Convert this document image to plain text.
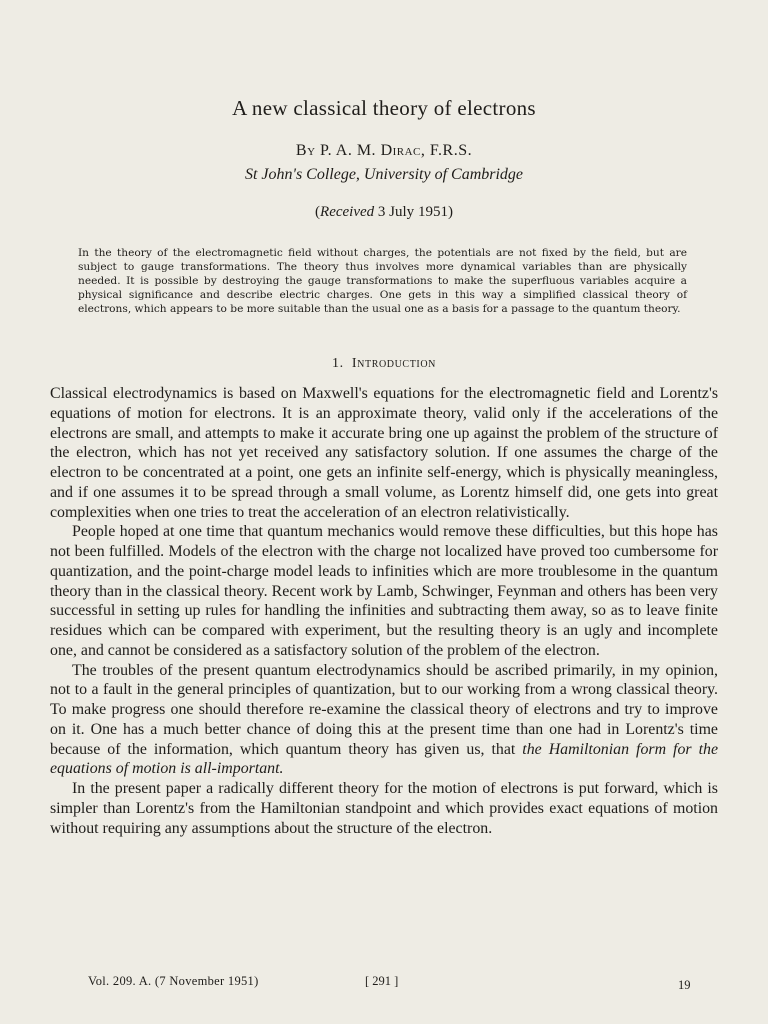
A new classical theory of electrons
By P. A. M. Dirac, F.R.S.
St John's College, University of Cambridge
(Received 3 July 1951)
In the theory of the electromagnetic field without charges, the potentials are not fixed by the field, but are subject to gauge transformations. The theory thus involves more dynamical variables than are physically needed. It is possible by destroying the gauge transformations to make the superfluous variables acquire a physical significance and describe electric charges. One gets in this way a simplified classical theory of electrons, which appears to be more suitable than the usual one as a basis for a passage to the quantum theory.
1. Introduction

Classical electrodynamics is based on Maxwell's equations for the electromagnetic field and Lorentz's equations of motion for electrons. It is an approximate theory, valid only if the accelerations of the electrons are small, and attempts to make it accurate bring one up against the problem of the structure of the electron, which has not yet received any satisfactory solution. If one assumes the charge of the electron to be concentrated at a point, one gets an infinite self-energy, which is physically meaningless, and if one assumes it to be spread through a small volume, as Lorentz himself did, one gets into great complexities when one tries to treat the acceleration of an electron relativistically.

People hoped at one time that quantum mechanics would remove these difficulties, but this hope has not been fulfilled. Models of the electron with the charge not localized have proved too cumbersome for quantization, and the point-charge model leads to infinities which are more troublesome in the quantum theory than in the classical theory. Recent work by Lamb, Schwinger, Feynman and others has been very successful in setting up rules for handling the infinities and subtracting them away, so as to leave finite residues which can be compared with experiment, but the resulting theory is an ugly and incomplete one, and cannot be considered as a satisfactory solution of the problem of the electron.

The troubles of the present quantum electrodynamics should be ascribed primarily, in my opinion, not to a fault in the general principles of quantization, but to our working from a wrong classical theory. To make progress one should therefore re-examine the classical theory of electrons and try to improve on it. One has a much better chance of doing this at the present time than one had in Lorentz's time because of the information, which quantum theory has given us, that the Hamiltonian form for the equations of motion is all-important.

In the present paper a radically different theory for the motion of electrons is put forward, which is simpler than Lorentz's from the Hamiltonian standpoint and which provides exact equations of motion without requiring any assumptions about the structure of the electron.

Vol. 209. A. (7 November 1951)	[ 291 ]	19
